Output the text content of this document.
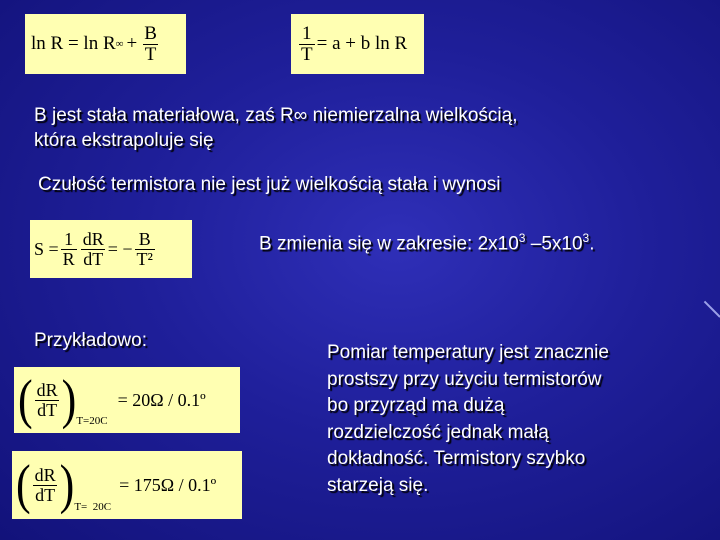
ln R = ln R ∞ + $\frac{B}{T}$	$\frac{1}{T} = a + b$ ln R
B jest stała materiałowa, zaś R∞ niemierzalna wielkością,
która ekstrapoluje się
Czułość termistora nie jest już wielkością stała i wynosi
$S = \frac{1}{R} \frac{dR}{dT}$ = − $\frac{B}{\text{T²}}$	B zmienia się w zakresie: $2x10^3$ $-5x10^3$.
Przykładowo:
( $\frac{dR}{dT}$ ) T=20C
= 20Ω / 0.1º
( $\frac{dR}{dT}$ ) T=  20C
= 175Ω / 0.1º
Pomiar temperatury jest znacznie
prostszy przy użyciu termistorów
bo przyrząd ma dużą
rozdzielczość jednak małą
dokładność. Termistory szybko
starzeją się.
